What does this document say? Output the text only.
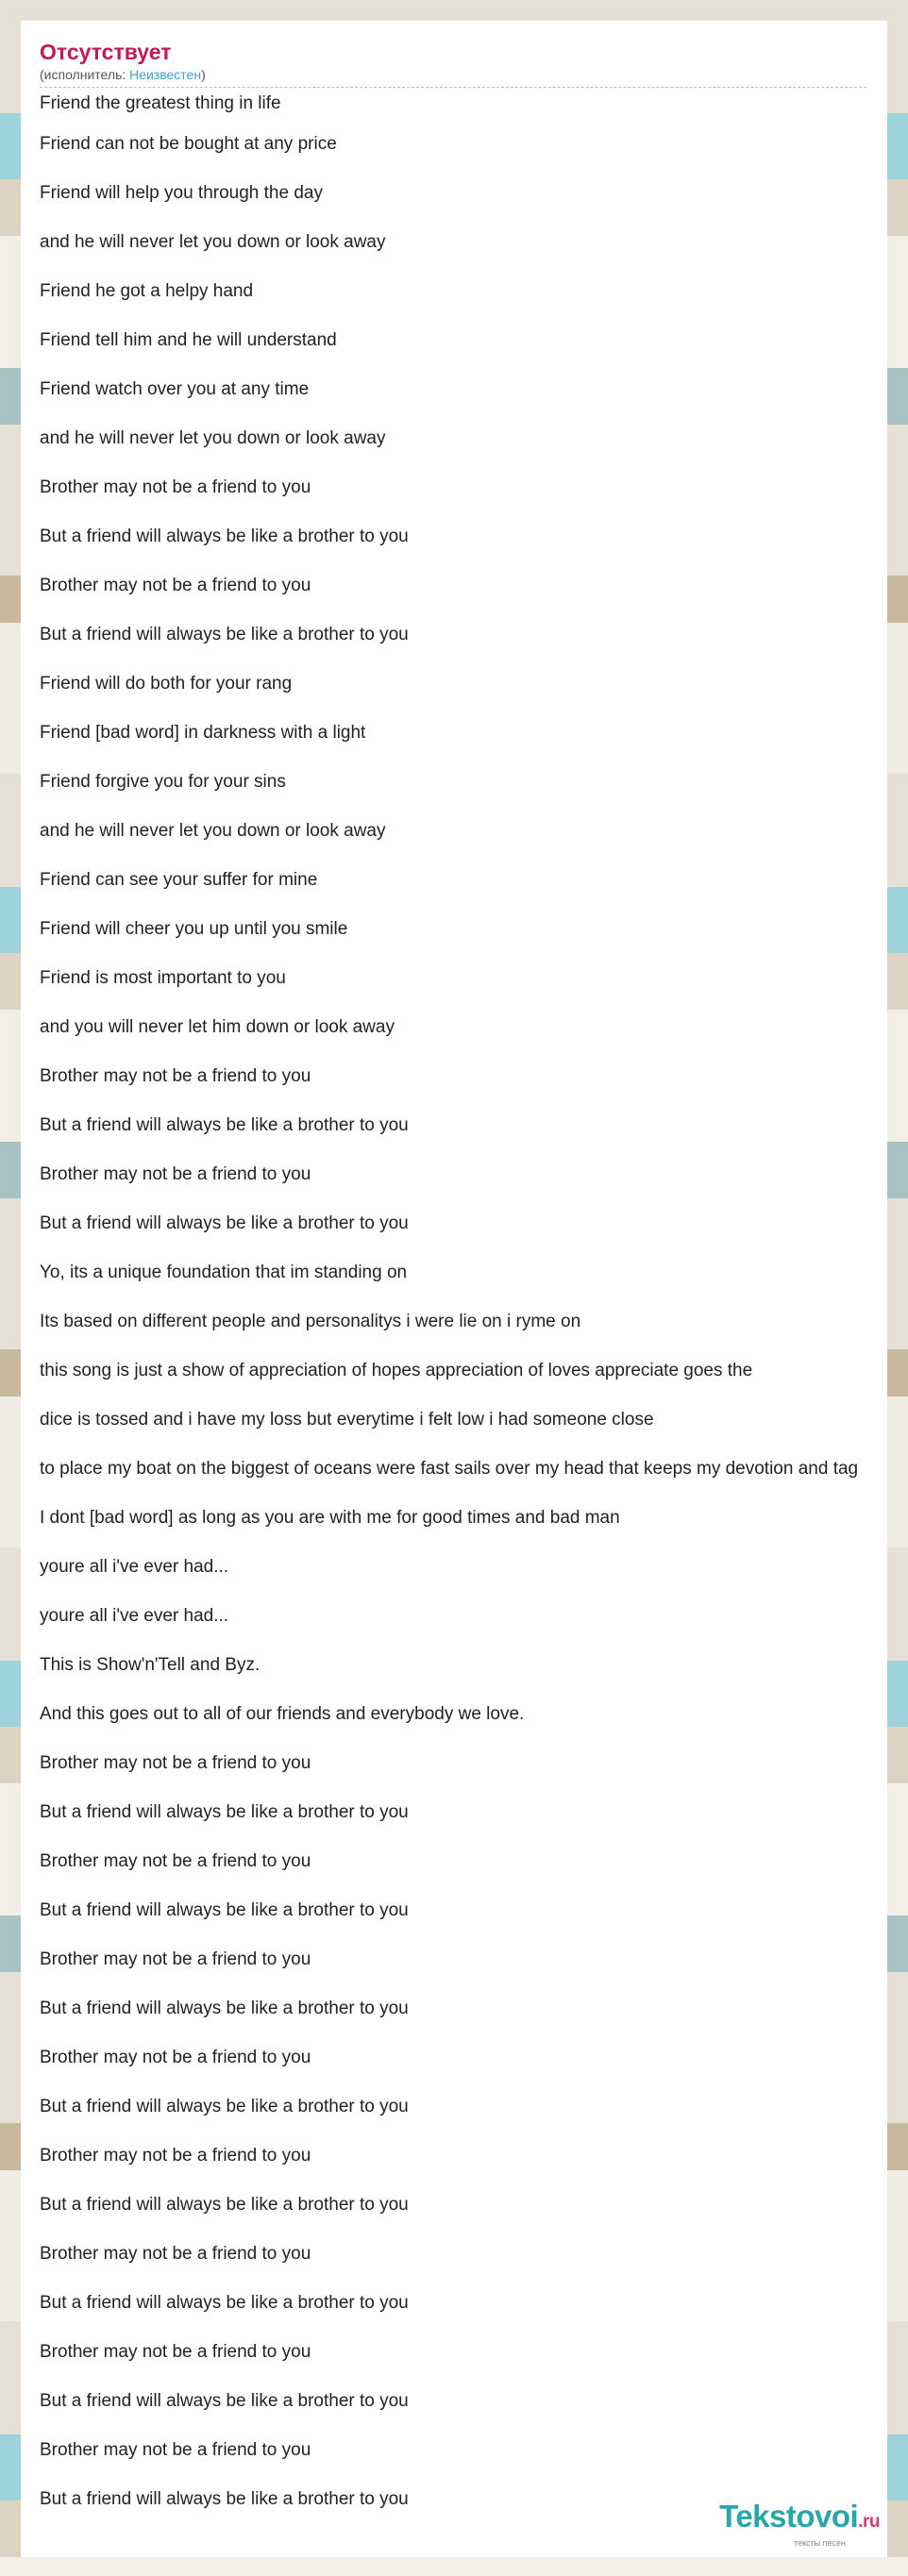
Отсутствует
(исполнитель: Неизвестен)
Friend the greatest thing in life
Friend can not be bought at any price
Friend will help you through the day
and he will never let you down or look away
Friend he got a helpy hand
Friend tell him and he will understand
Friend watch over you at any time
and he will never let you down or look away
Brother may not be a friend to you
But a friend will always be like a brother to you
Brother may not be a friend to you
But a friend will always be like a brother to you
Friend will do both for your rang
Friend [bad word] in darkness with a light
Friend forgive you for your sins
and he will never let you down or look away
Friend can see your suffer for mine
Friend will cheer you up until you smile
Friend is most important to you
and you will never let him down or look away
Brother may not be a friend to you
But a friend will always be like a brother to you
Brother may not be a friend to you
But a friend will always be like a brother to you
Yo, its a unique foundation that im standing on
Its based on different people and personalitys i were lie on i ryme on
this song is just a show of appreciation of hopes appreciation of loves appreciate goes the
dice is tossed and i have my loss but everytime i felt low i had someone close
to place my boat on the biggest of oceans were fast sails over my head that keeps my devotion and tag
I dont [bad word] as long as you are with me for good times and bad man
youre all i've ever had...
youre all i've ever had...
This is Show'n'Tell and Byz.
And this goes out to all of our friends and everybody we love.
Brother may not be a friend to you
But a friend will always be like a brother to you
Brother may not be a friend to you
But a friend will always be like a brother to you
Brother may not be a friend to you
But a friend will always be like a brother to you
Brother may not be a friend to you
But a friend will always be like a brother to you
Brother may not be a friend to you
But a friend will always be like a brother to you
Brother may not be a friend to you
But a friend will always be like a brother to you
Brother may not be a friend to you
But a friend will always be like a brother to you
Brother may not be a friend to you
But a friend will always be like a brother to you	Tekstovoi.ru
тексты песен
